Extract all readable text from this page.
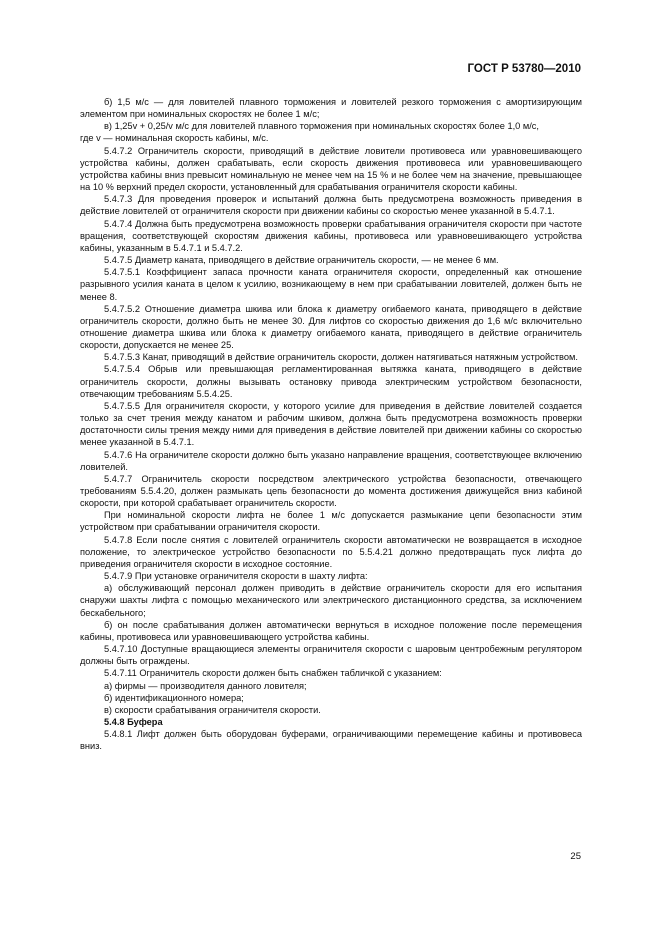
ГОСТ Р 53780—2010

б) 1,5 м/с — для ловителей плавного торможения и ловителей резкого торможения с амортизирующим элементом при номинальных скоростях не более 1 м/с;

в) 1,25v + 0,25/v м/с для ловителей плавного торможения при номинальных скоростях более 1,0 м/с,

где v — номинальная скорость кабины, м/с.

5.4.7.2 Ограничитель скорости, приводящий в действие ловители противовеса или уравновешивающего устройства кабины, должен срабатывать, если скорость движения противовеса или уравновешивающего устройства кабины вниз превысит номинальную не менее чем на 15 % и не более чем на значение, превышающее на 10 % верхний предел скорости, установленный для срабатывания ограничителя скорости кабины.

5.4.7.3 Для проведения проверок и испытаний должна быть предусмотрена возможность приведения в действие ловителей от ограничителя скорости при движении кабины со скоростью менее указанной в 5.4.7.1.

5.4.7.4 Должна быть предусмотрена возможность проверки срабатывания ограничителя скорости при частоте вращения, соответствующей скоростям движения кабины, противовеса или уравновешивающего устройства кабины, указанным в 5.4.7.1 и 5.4.7.2.

5.4.7.5 Диаметр каната, приводящего в действие ограничитель скорости, — не менее 6 мм.

5.4.7.5.1 Коэффициент запаса прочности каната ограничителя скорости, определенный как отношение разрывного усилия каната в целом к усилию, возникающему в нем при срабатывании ловителей, должен быть не менее 8.

5.4.7.5.2 Отношение диаметра шкива или блока к диаметру огибаемого каната, приводящего в действие ограничитель скорости, должно быть не менее 30. Для лифтов со скоростью движения до 1,6 м/с включительно отношение диаметра шкива или блока к диаметру огибаемого каната, приводящего в действие ограничитель скорости, допускается не менее 25.

5.4.7.5.3 Канат, приводящий в действие ограничитель скорости, должен натягиваться натяжным устройством.

5.4.7.5.4 Обрыв или превышающая регламентированная вытяжка каната, приводящего в действие ограничитель скорости, должны вызывать остановку привода электрическим устройством безопасности, отвечающим требованиям 5.5.4.25.

5.4.7.5.5 Для ограничителя скорости, у которого усилие для приведения в действие ловителей создается только за счет трения между канатом и рабочим шкивом, должна быть предусмотрена возможность проверки достаточности силы трения между ними для приведения в действие ловителей при движении кабины со скоростью менее указанной в 5.4.7.1.

5.4.7.6 На ограничителе скорости должно быть указано направление вращения, соответствующее включению ловителей.

5.4.7.7 Ограничитель скорости посредством электрического устройства безопасности, отвечающего требованиям 5.5.4.20, должен размыкать цепь безопасности до момента достижения движущейся вниз кабиной скорости, при которой срабатывает ограничитель скорости.

При номинальной скорости лифта не более 1 м/с допускается размыкание цепи безопасности этим устройством при срабатывании ограничителя скорости.

5.4.7.8 Если после снятия с ловителей ограничитель скорости автоматически не возвращается в исходное положение, то электрическое устройство безопасности по 5.5.4.21 должно предотвращать пуск лифта до приведения ограничителя скорости в исходное состояние.

5.4.7.9 При установке ограничителя скорости в шахту лифта:

а) обслуживающий персонал должен приводить в действие ограничитель скорости для его испытания снаружи шахты лифта с помощью механического или электрического дистанционного средства, за исключением бескабельного;

б) он после срабатывания должен автоматически вернуться в исходное положение после перемещения кабины, противовеса или уравновешивающего устройства кабины.

5.4.7.10 Доступные вращающиеся элементы ограничителя скорости с шаровым центробежным регулятором должны быть ограждены.

5.4.7.11 Ограничитель скорости должен быть снабжен табличкой с указанием:

а) фирмы — производителя данного ловителя;

б) идентификационного номера;

в) скорости срабатывания ограничителя скорости.

5.4.8 Буфера

5.4.8.1 Лифт должен быть оборудован буферами, ограничивающими перемещение кабины и противовеса вниз.

25
